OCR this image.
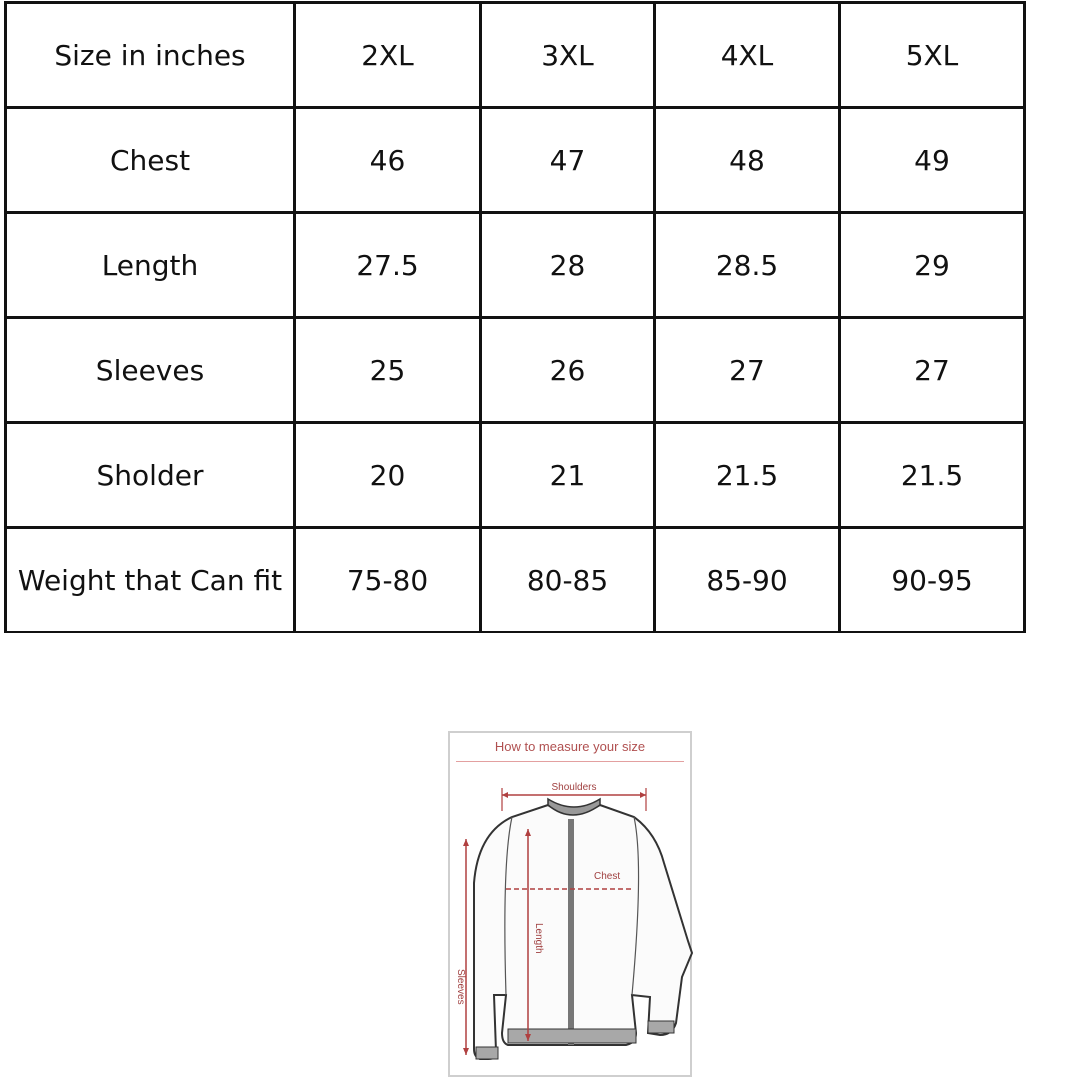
Size in inches	2XL	3XL	4XL	5XL
Chest	46	47	48	49
Length	27.5	28	28.5	29
Sleeves	25	26	27	27
Sholder	20	21	21.5	21.5
Weight that Can fit	75-80	80-85	85-90	90-95
How to measure your size
Shoulders
Chest
Length
Sleeves
